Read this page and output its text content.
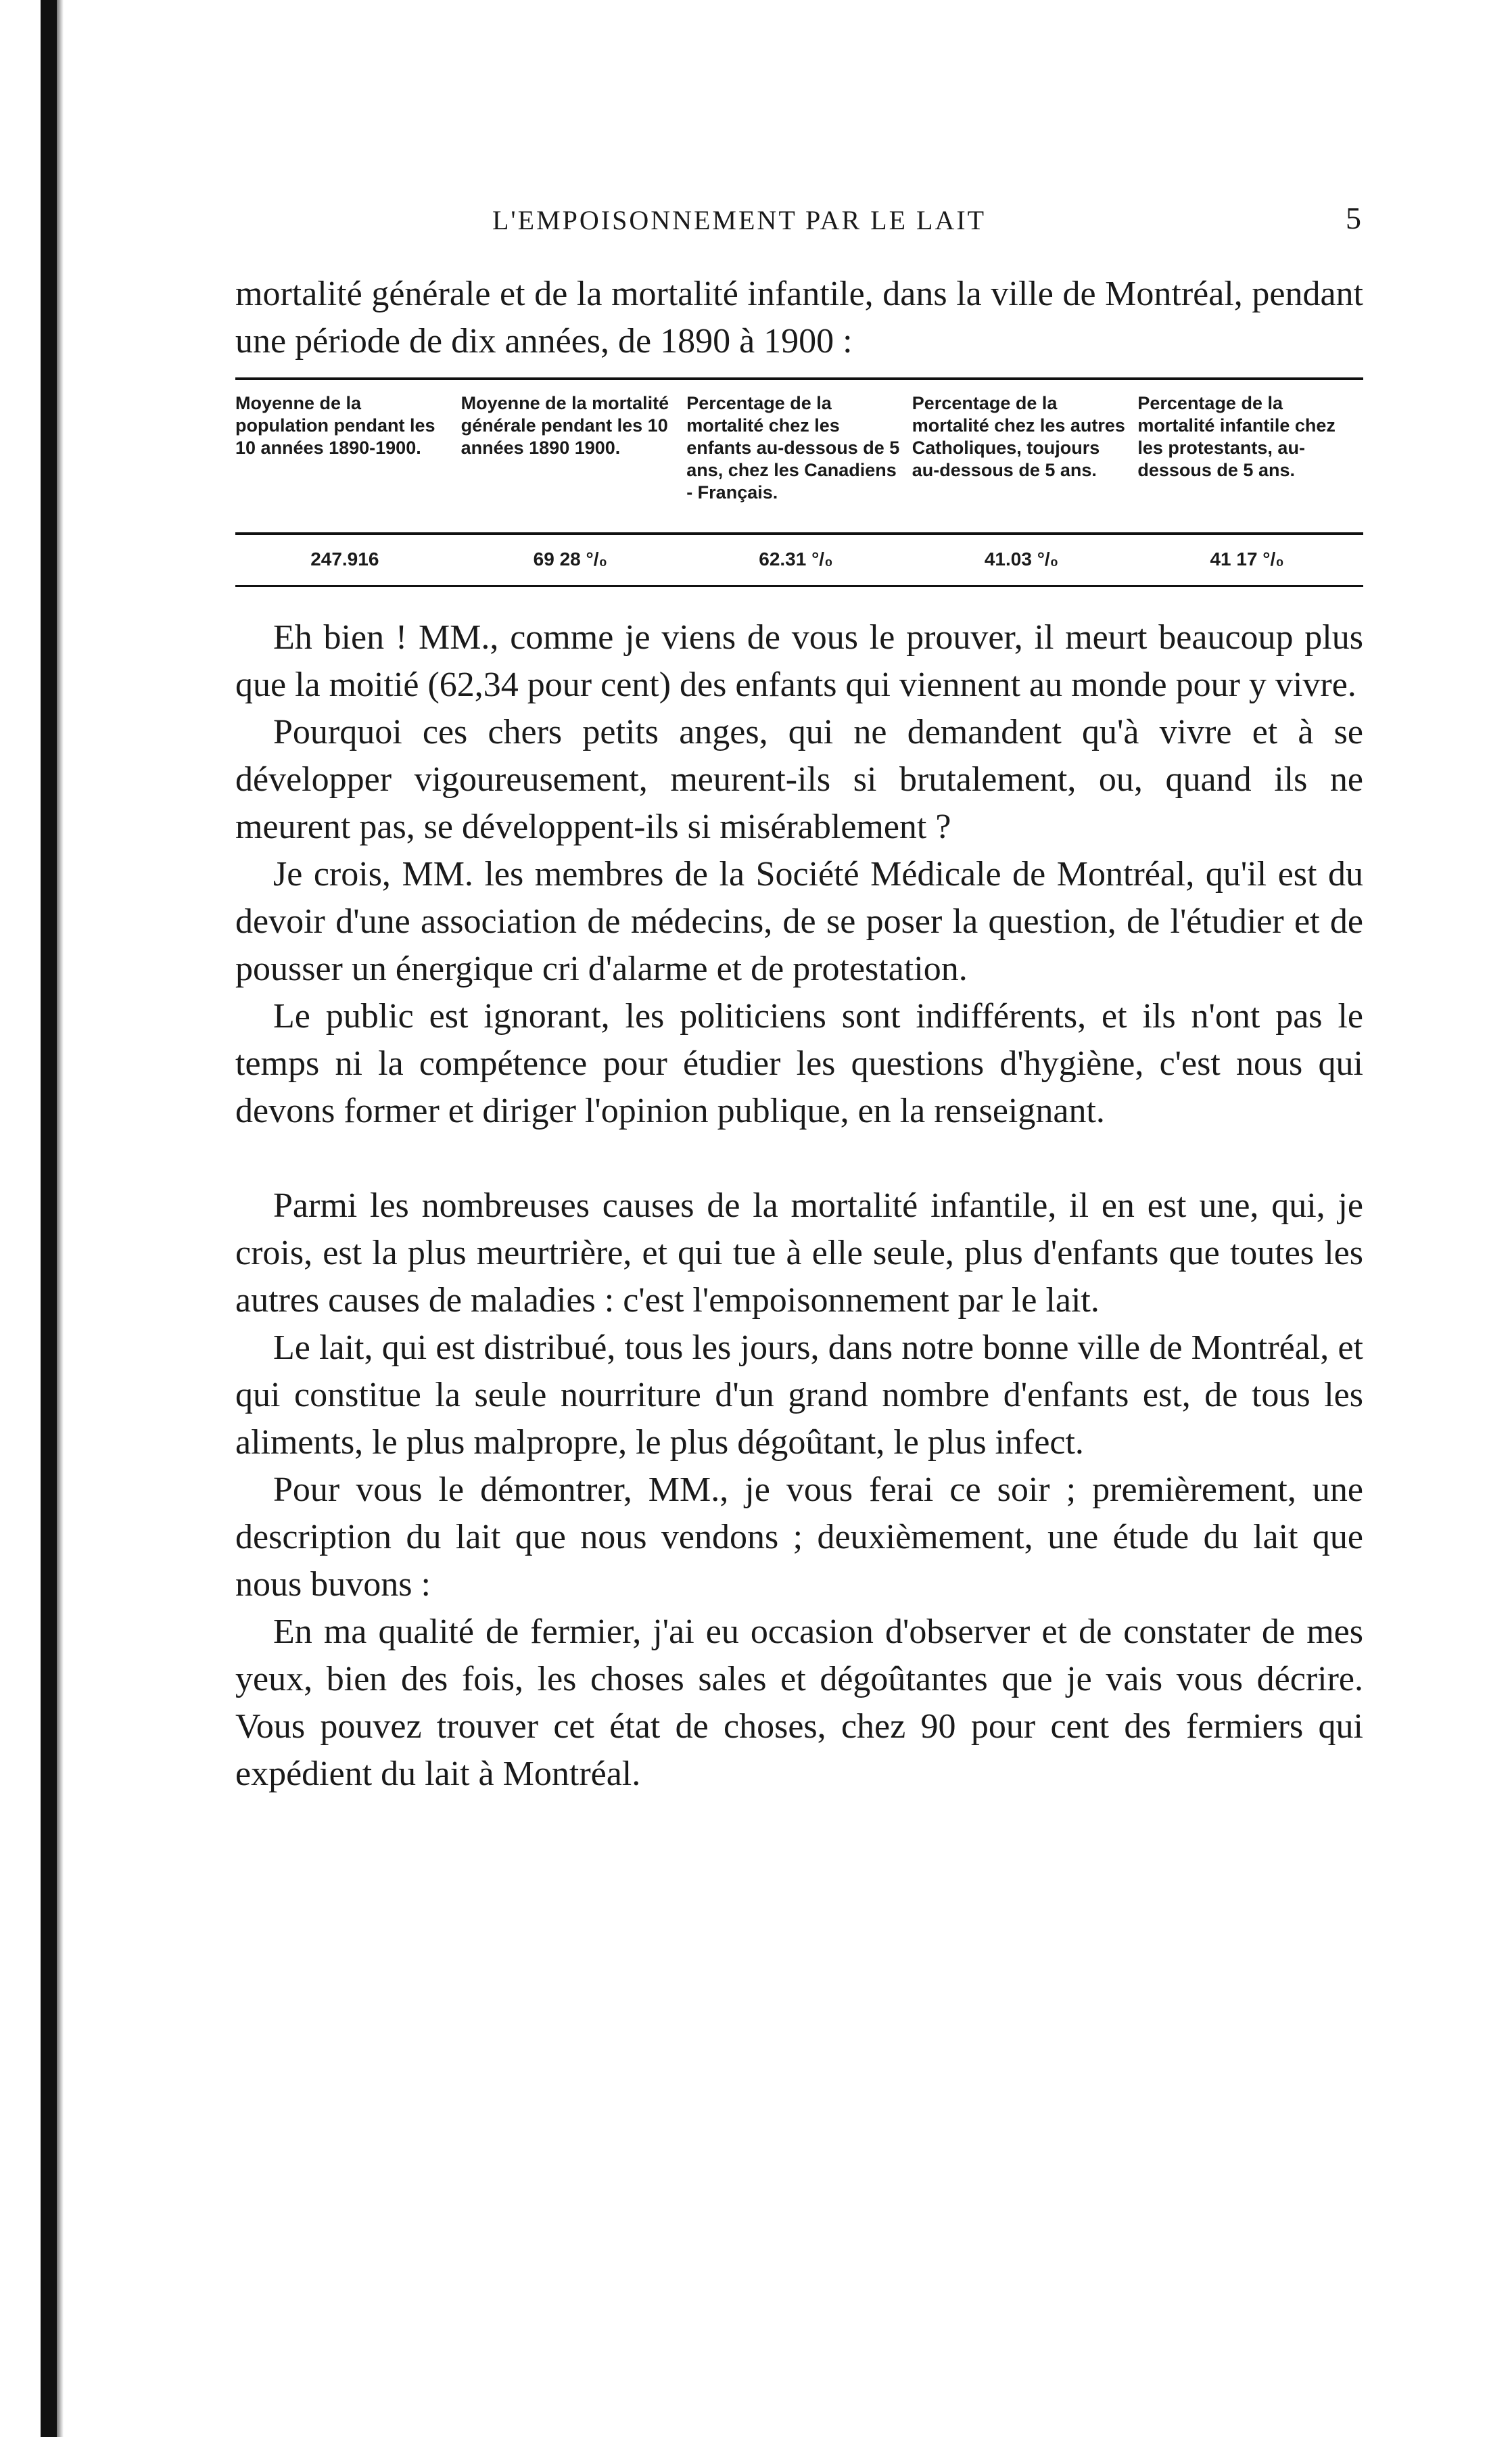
L'EMPOISONNEMENT PAR LE LAIT	5

mortalité générale et de la mortalité infantile, dans la ville de Montréal, pendant une période de dix années, de 1890 à 1900 :

Moyenne de la population pendant les 10 années 1890-1900.	Moyenne de la mortalité générale pendant les 10 années 1890 1900.	Percentage de la mortalité chez les enfants au-dessous de 5 ans, chez les Canadiens - Français.	Percentage de la mortalité chez les autres Catholiques, toujours au-dessous de 5 ans.	Percentage de la mortalité infantile chez les protestants, au-dessous de 5 ans.
247.916	69 28 °/₀	62.31 °/₀	41.03 °/₀	41 17 °/₀

Eh bien ! MM., comme je viens de vous le prouver, il meurt beaucoup plus que la moitié (62,34 pour cent) des enfants qui viennent au monde pour y vivre.

Pourquoi ces chers petits anges, qui ne demandent qu'à vivre et à se développer vigoureusement, meurent-ils si brutalement, ou, quand ils ne meurent pas, se développent-ils si misérablement ?

Je crois, MM. les membres de la Société Médicale de Montréal, qu'il est du devoir d'une association de médecins, de se poser la question, de l'étudier et de pousser un énergique cri d'alarme et de protestation.

Le public est ignorant, les politiciens sont indifférents, et ils n'ont pas le temps ni la compétence pour étudier les questions d'hygiène, c'est nous qui devons former et diriger l'opinion publique, en la renseignant.

Parmi les nombreuses causes de la mortalité infantile, il en est une, qui, je crois, est la plus meurtrière, et qui tue à elle seule, plus d'enfants que toutes les autres causes de maladies : c'est l'empoisonnement par le lait.

Le lait, qui est distribué, tous les jours, dans notre bonne ville de Montréal, et qui constitue la seule nourriture d'un grand nombre d'enfants est, de tous les aliments, le plus malpropre, le plus dégoûtant, le plus infect.

Pour vous le démontrer, MM., je vous ferai ce soir ; premièrement, une description du lait que nous vendons ; deuxièmement, une étude du lait que nous buvons :

En ma qualité de fermier, j'ai eu occasion d'observer et de constater de mes yeux, bien des fois, les choses sales et dégoûtantes que je vais vous décrire. Vous pouvez trouver cet état de choses, chez 90 pour cent des fermiers qui expédient du lait à Montréal.
